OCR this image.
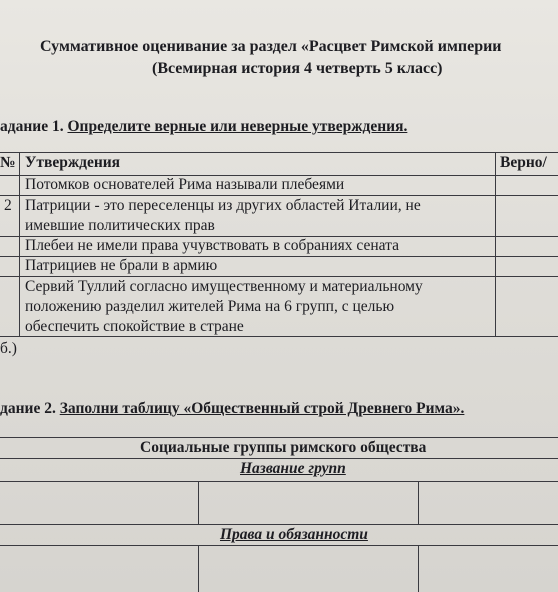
Суммативное оценивание за раздел «Расцвет Римской империи
(Всемирная история 4 четверть 5 класс)
адание 1. Определите верные или неверные утверждения.
№ Утверждения	Верно/
Потомков основателей Рима называли плебеями
2 Патриции - это переселенцы из других областей Италии, не
имевшие политических прав
Плебеи не имели права учувствовать в собраниях сената
Патрициев не брали в армию
Сервий Туллий согласно имущественному и материальному
положению разделил жителей Рима на 6 групп, с целью
обеспечить спокойствие в стране
б.)
дание 2. Заполни таблицу «Общественный строй Древнего Рима».
Социальные группы римского общества
Название групп
Права и обязанности
